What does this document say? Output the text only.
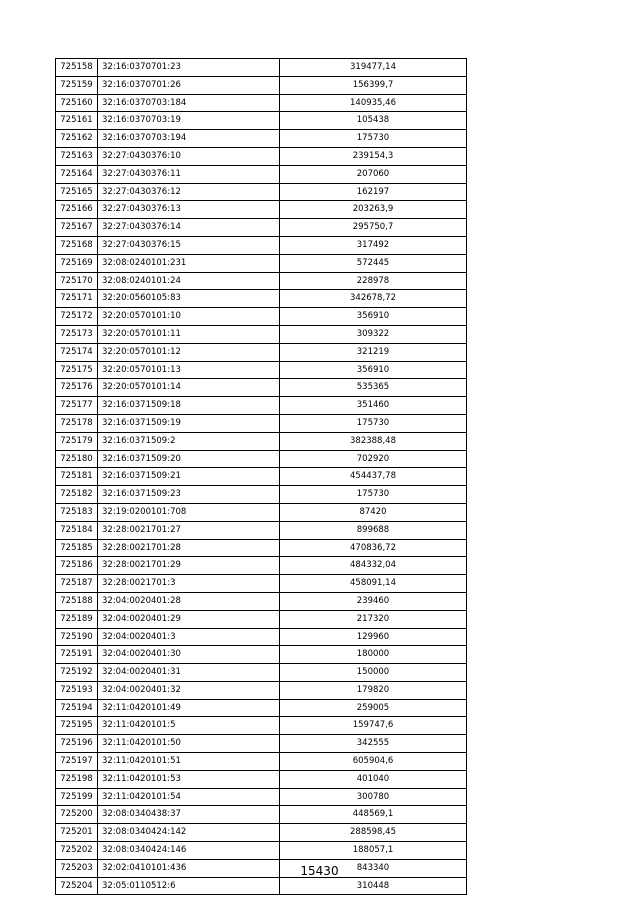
725158	32:16:0370701:23	319477,14
725159	32:16:0370701:26	156399,7
725160	32:16:0370703:184	140935,46
725161	32:16:0370703:19	105438
725162	32:16:0370703:194	175730
725163	32:27:0430376:10	239154,3
725164	32:27:0430376:11	207060
725165	32:27:0430376:12	162197
725166	32:27:0430376:13	203263,9
725167	32:27:0430376:14	295750,7
725168	32:27:0430376:15	317492
725169	32:08:0240101:231	572445
725170	32:08:0240101:24	228978
725171	32:20:0560105:83	342678,72
725172	32:20:0570101:10	356910
725173	32:20:0570101:11	309322
725174	32:20:0570101:12	321219
725175	32:20:0570101:13	356910
725176	32:20:0570101:14	535365
725177	32:16:0371509:18	351460
725178	32:16:0371509:19	175730
725179	32:16:0371509:2	382388,48
725180	32:16:0371509:20	702920
725181	32:16:0371509:21	454437,78
725182	32:16:0371509:23	175730
725183	32:19:0200101:708	87420
725184	32:28:0021701:27	899688
725185	32:28:0021701:28	470836,72
725186	32:28:0021701:29	484332,04
725187	32:28:0021701:3	458091,14
725188	32:04:0020401:28	239460
725189	32:04:0020401:29	217320
725190	32:04:0020401:3	129960
725191	32:04:0020401:30	180000
725192	32:04:0020401:31	150000
725193	32:04:0020401:32	179820
725194	32:11:0420101:49	259005
725195	32:11:0420101:5	159747,6
725196	32:11:0420101:50	342555
725197	32:11:0420101:51	605904,6
725198	32:11:0420101:53	401040
725199	32:11:0420101:54	300780
725200	32:08:0340438:37	448569,1
725201	32:08:0340424:142	288598,45
725202	32:08:0340424:146	188057,1
725203	32:02:0410101:436	843340
725204	32:05:0110512:6	310448
15430
